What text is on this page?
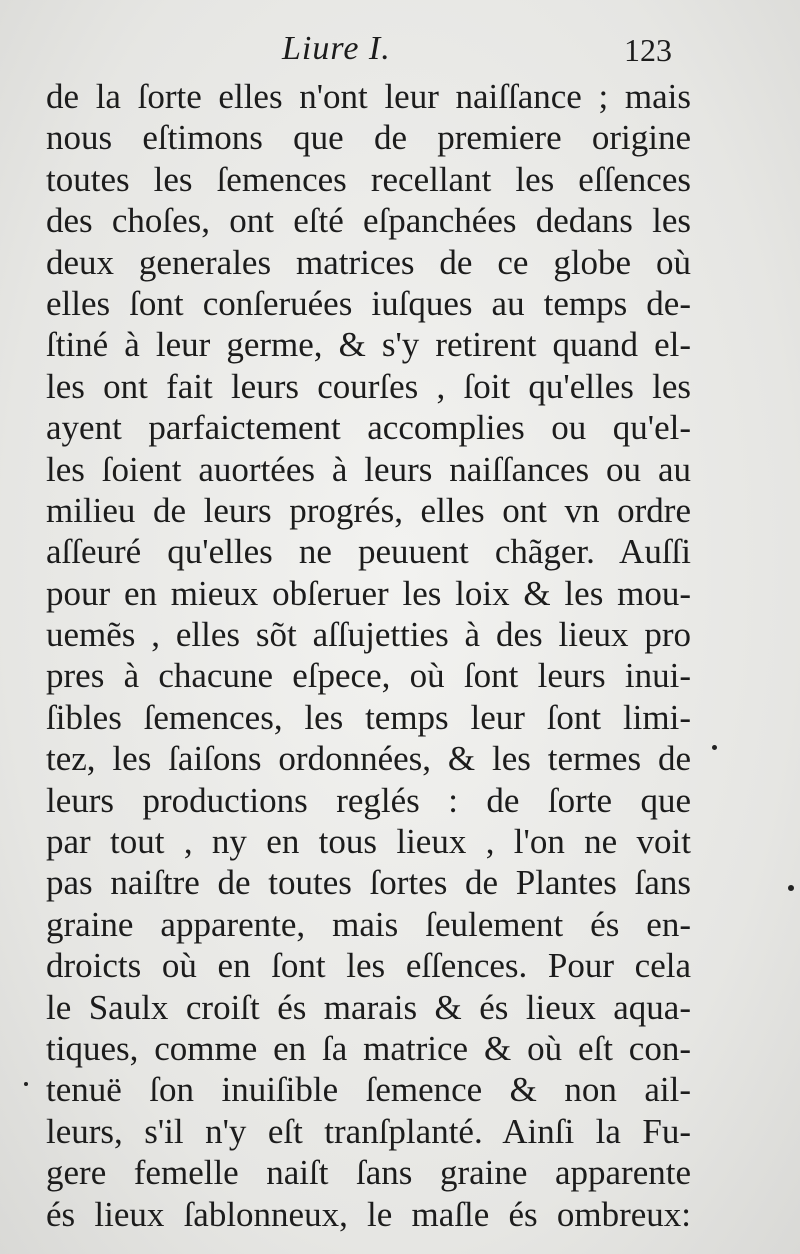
Liure I.	123
de la ſorte elles n'ont leur naiſſance ; mais
nous eſtimons que de premiere origine
toutes les ſemences recellant les eſſences
des choſes, ont eſté eſpanchées dedans les
deux generales matrices de ce globe où
elles ſont conſeruées iuſques au temps de-
ſtiné à leur germe, & s'y retirent quand el-
les ont fait leurs courſes , ſoit qu'elles les
ayent parfaictement accomplies ou qu'el-
les ſoient auortées à leurs naiſſances ou au
milieu de leurs progrés, elles ont vn ordre
aſſeuré qu'elles ne peuuent chãger. Auſſi
pour en mieux obſeruer les loix & les mou-
uemẽs , elles sõt aſſujetties à des lieux pro
pres à chacune eſpece, où ſont leurs inui-
ſibles ſemences, les temps leur ſont limi-
tez, les ſaiſons ordonnées, & les termes de
leurs productions reglés : de ſorte que
par tout , ny en tous lieux , l'on ne voit
pas naiſtre de toutes ſortes de Plantes ſans
graine apparente, mais ſeulement és en-
droicts où en ſont les eſſences. Pour cela
le Saulx croiſt és marais & és lieux aqua-
tiques, comme en ſa matrice & où eſt con-
tenuë ſon inuiſible ſemence & non ail-
leurs, s'il n'y eſt tranſplanté. Ainſi la Fu-
gere femelle naiſt ſans graine apparente
és lieux ſablonneux, le maſle és ombreux:
